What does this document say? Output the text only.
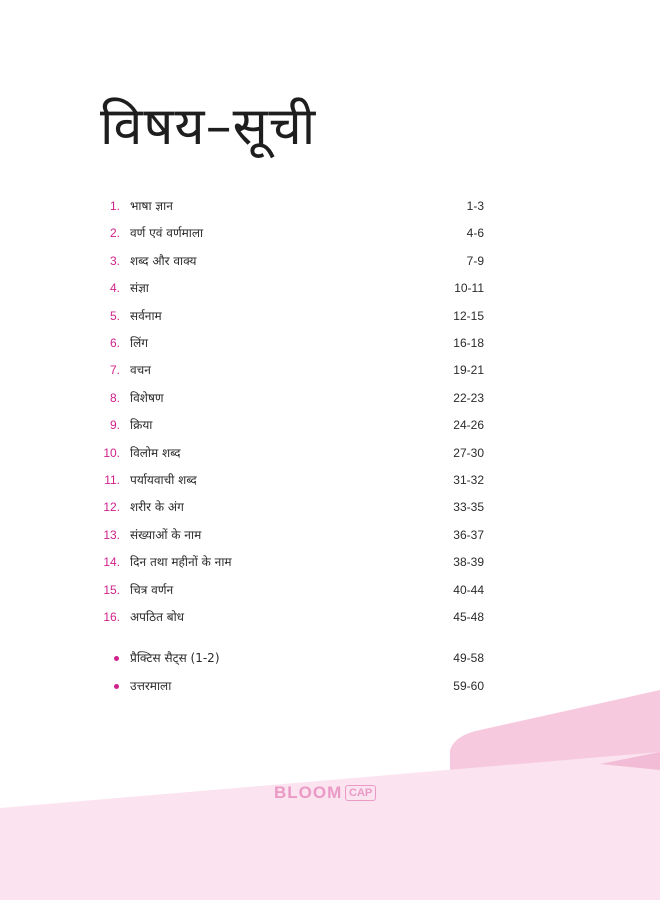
विषय–सूची
1. भाषा ज्ञान	1-3
2. वर्ण एवं वर्णमाला	4-6
3. शब्द और वाक्य	7-9
4. संज्ञा	10-11
5. सर्वनाम	12-15
6. लिंग	16-18
7. वचन	19-21
8. विशेषण	22-23
9. क्रिया	24-26
10. विलोम शब्द	27-30
11. पर्यायवाची शब्द	31-32
12. शरीर के अंग	33-35
13. संख्याओं के नाम	36-37
14. दिन तथा महीनों के नाम	38-39
15. चित्र वर्णन	40-44
16. अपठित बोध	45-48
प्रैक्टिस सैट्स (1-2)	49-58
उत्तरमाला	59-60
BLOOM CAP
